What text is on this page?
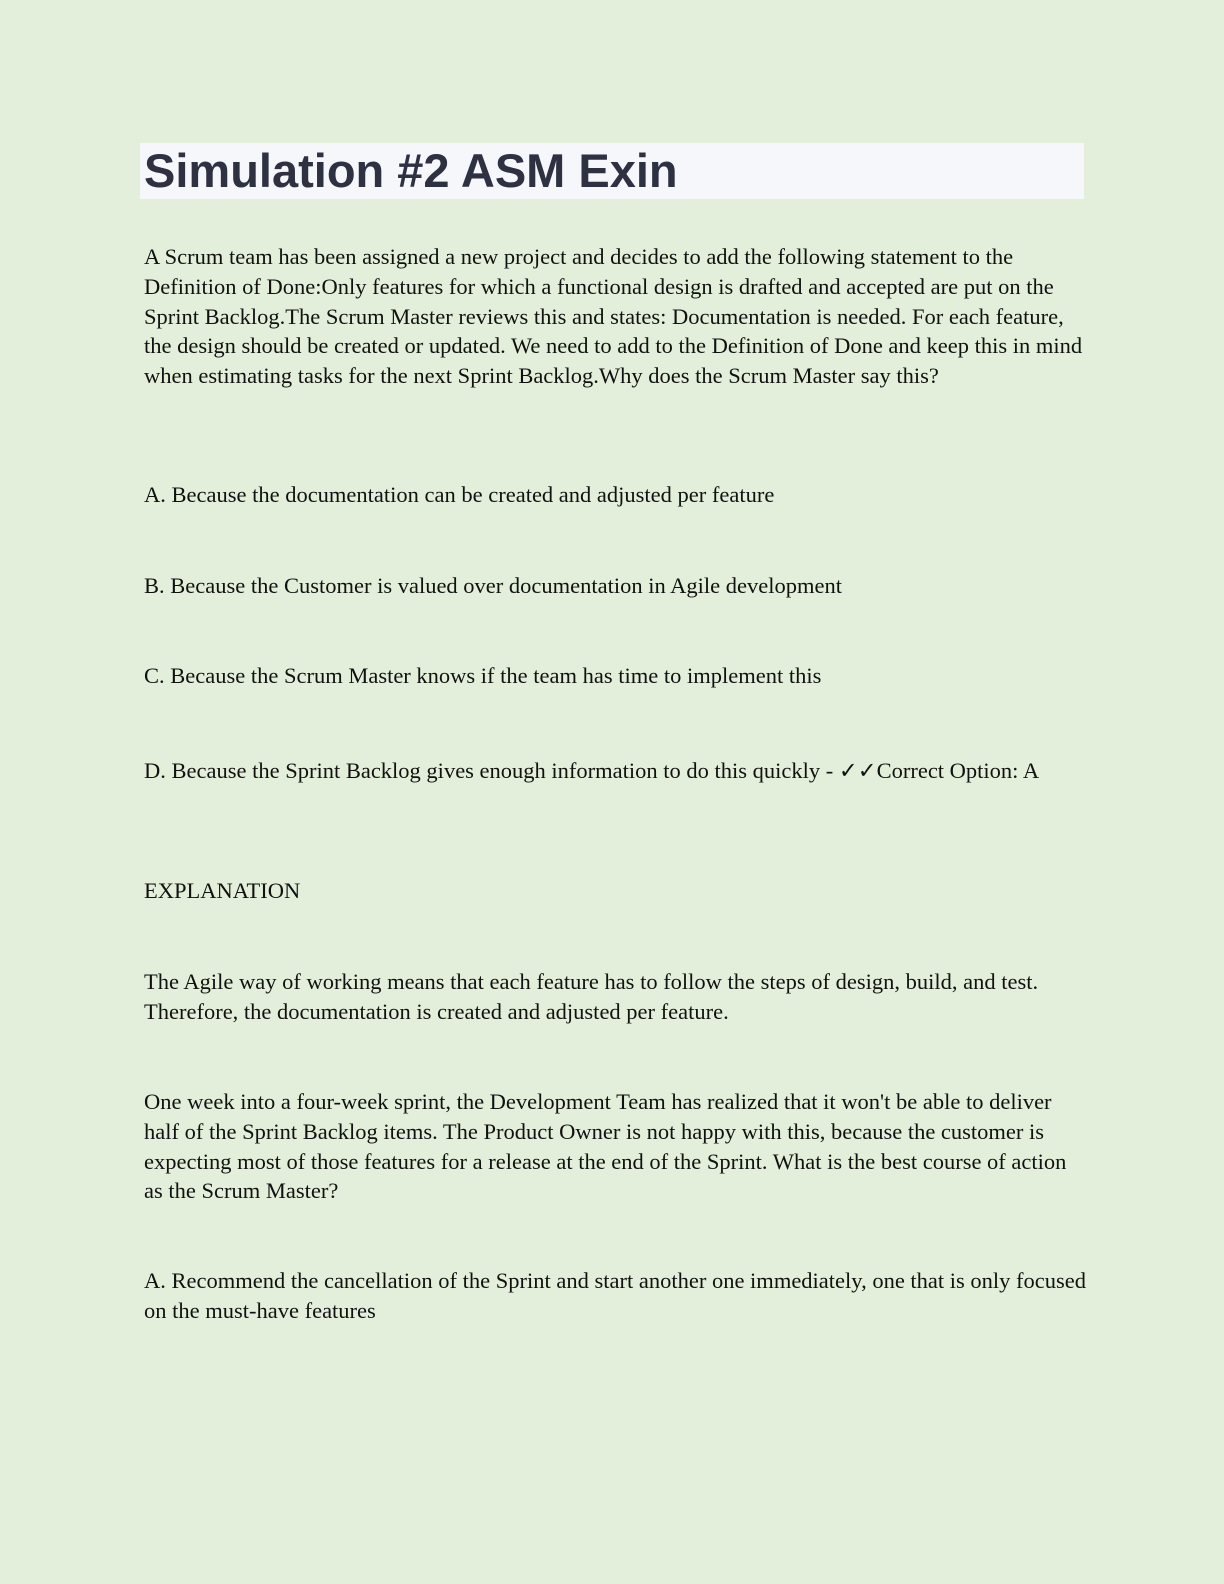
Simulation #2 ASM Exin

A Scrum team has been assigned a new project and decides to add the following statement to the Definition of Done:Only features for which a functional design is drafted and accepted are put on the Sprint Backlog.The Scrum Master reviews this and states: Documentation is needed. For each feature, the design should be created or updated. We need to add to the Definition of Done and keep this in mind when estimating tasks for the next Sprint Backlog.Why does the Scrum Master say this?

A. Because the documentation can be created and adjusted per feature

B. Because the Customer is valued over documentation in Agile development

C. Because the Scrum Master knows if the team has time to implement this

D. Because the Sprint Backlog gives enough information to do this quickly - ✓✓Correct Option: A

EXPLANATION

The Agile way of working means that each feature has to follow the steps of design, build, and test. Therefore, the documentation is created and adjusted per feature.

One week into a four-week sprint, the Development Team has realized that it won't be able to deliver half of the Sprint Backlog items. The Product Owner is not happy with this, because the customer is expecting most of those features for a release at the end of the Sprint. What is the best course of action as the Scrum Master?

A. Recommend the cancellation of the Sprint and start another one immediately, one that is only focused on the must-have features
